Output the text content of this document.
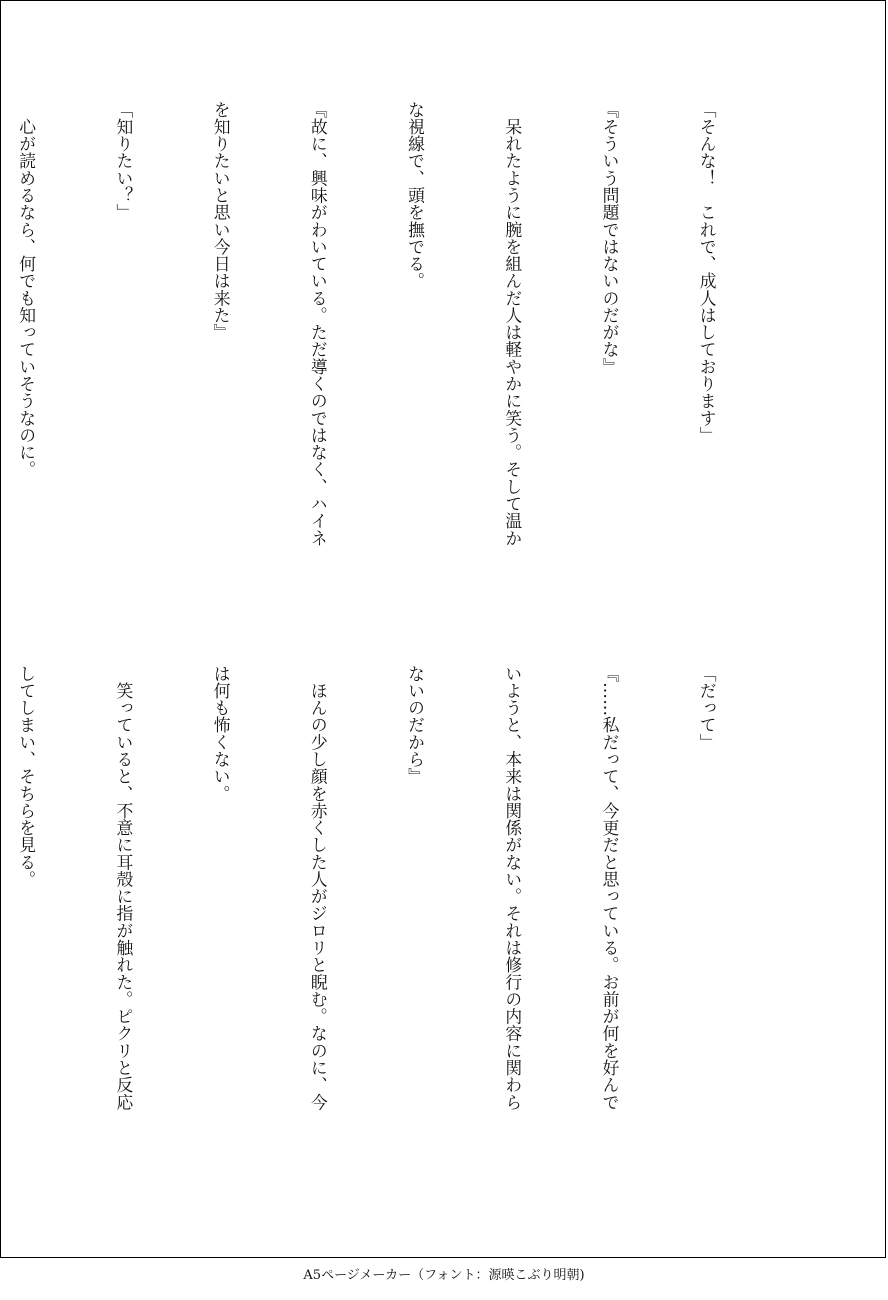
「そんな！　これで、成人はしております」

『そういう問題ではないのだがな』

　呆れたように腕を組んだ人は軽やかに笑う。そして温か

な視線で、頭を撫でる。

『故に、興味がわいている。ただ導くのではなく、ハイネ

を知りたいと思い今日は来た』

「知りたい？」

　心が読めるなら、何でも知っていそうなのに。

「だって」

『……私だって、今更だと思っている。お前が何を好んで

いようと、本来は関係がない。それは修行の内容に関わら

ないのだから』

　ほんの少し顔を赤くした人がジロリと睨む。なのに、今

は何も怖くない。

　笑っていると、不意に耳殻に指が触れた。ピクリと反応

してしまい、そちらを見る。

A5ページメーカー（フォント：源暎こぶり明朝)
